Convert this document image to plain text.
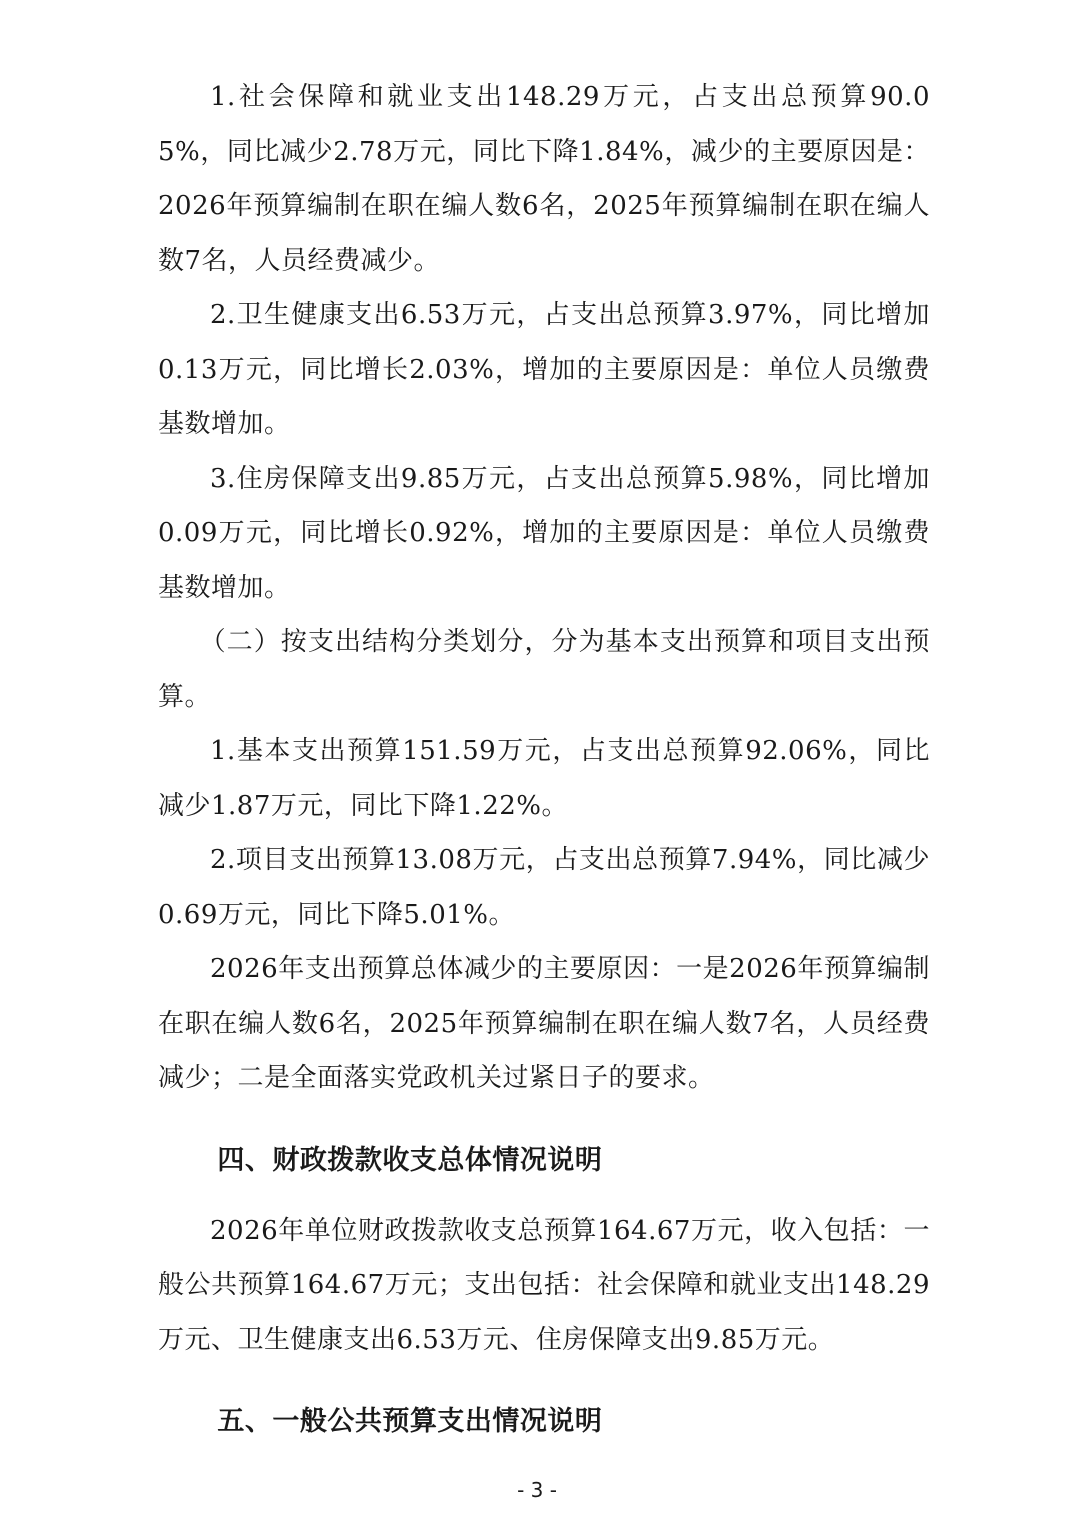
1.社会保障和就业支出148.29万元，占支出总预算90.05%，同比减少2.78万元，同比下降1.84%，减少的主要原因是：2026年预算编制在职在编人数6名，2025年预算编制在职在编人数7名，人员经费减少。

2.卫生健康支出6.53万元，占支出总预算3.97%，同比增加0.13万元，同比增长2.03%，增加的主要原因是：单位人员缴费基数增加。

3.住房保障支出9.85万元，占支出总预算5.98%，同比增加0.09万元，同比增长0.92%，增加的主要原因是：单位人员缴费基数增加。

（二）按支出结构分类划分，分为基本支出预算和项目支出预算。

1.基本支出预算151.59万元，占支出总预算92.06%，同比减少1.87万元，同比下降1.22%。

2.项目支出预算13.08万元，占支出总预算7.94%，同比减少0.69万元，同比下降5.01%。

2026年支出预算总体减少的主要原因：一是2026年预算编制在职在编人数6名，2025年预算编制在职在编人数7名，人员经费减少；二是全面落实党政机关过紧日子的要求。

四、财政拨款收支总体情况说明

2026年单位财政拨款收支总预算164.67万元，收入包括：一般公共预算164.67万元；支出包括：社会保障和就业支出148.29万元、卫生健康支出6.53万元、住房保障支出9.85万元。

五、一般公共预算支出情况说明
- 3 -
